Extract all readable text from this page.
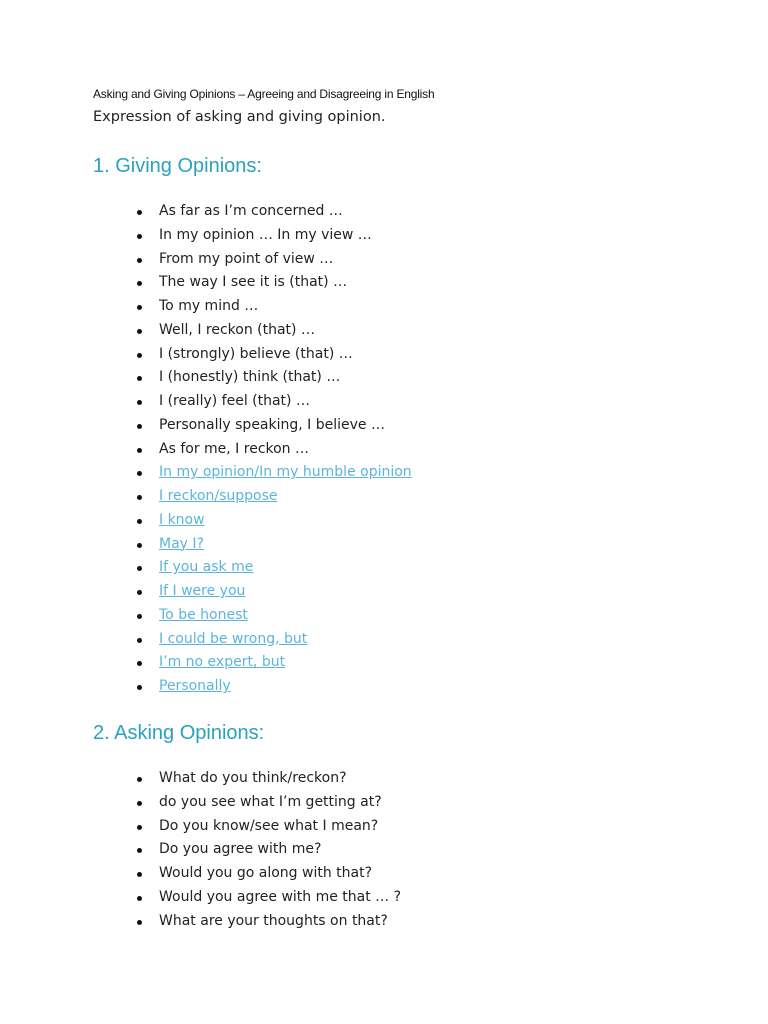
Asking and Giving Opinions – Agreeing and Disagreeing in English
Expression of asking and giving opinion.
1. Giving Opinions:
As far as I’m concerned …
In my opinion … In my view …
From my point of view …
The way I see it is (that) …
To my mind …
Well, I reckon (that) …
I (strongly) believe (that) …
I (honestly) think (that) …
I (really) feel (that) …
Personally speaking, I believe …
As for me, I reckon …
In my opinion/In my humble opinion
I reckon/suppose
I know
May I?
If you ask me
If I were you
To be honest
I could be wrong, but
I’m no expert, but
Personally
2. Asking Opinions:
What do you think/reckon?
do you see what I’m getting at?
Do you know/see what I mean?
Do you agree with me?
Would you go along with that?
Would you agree with me that … ?
What are your thoughts on that?
